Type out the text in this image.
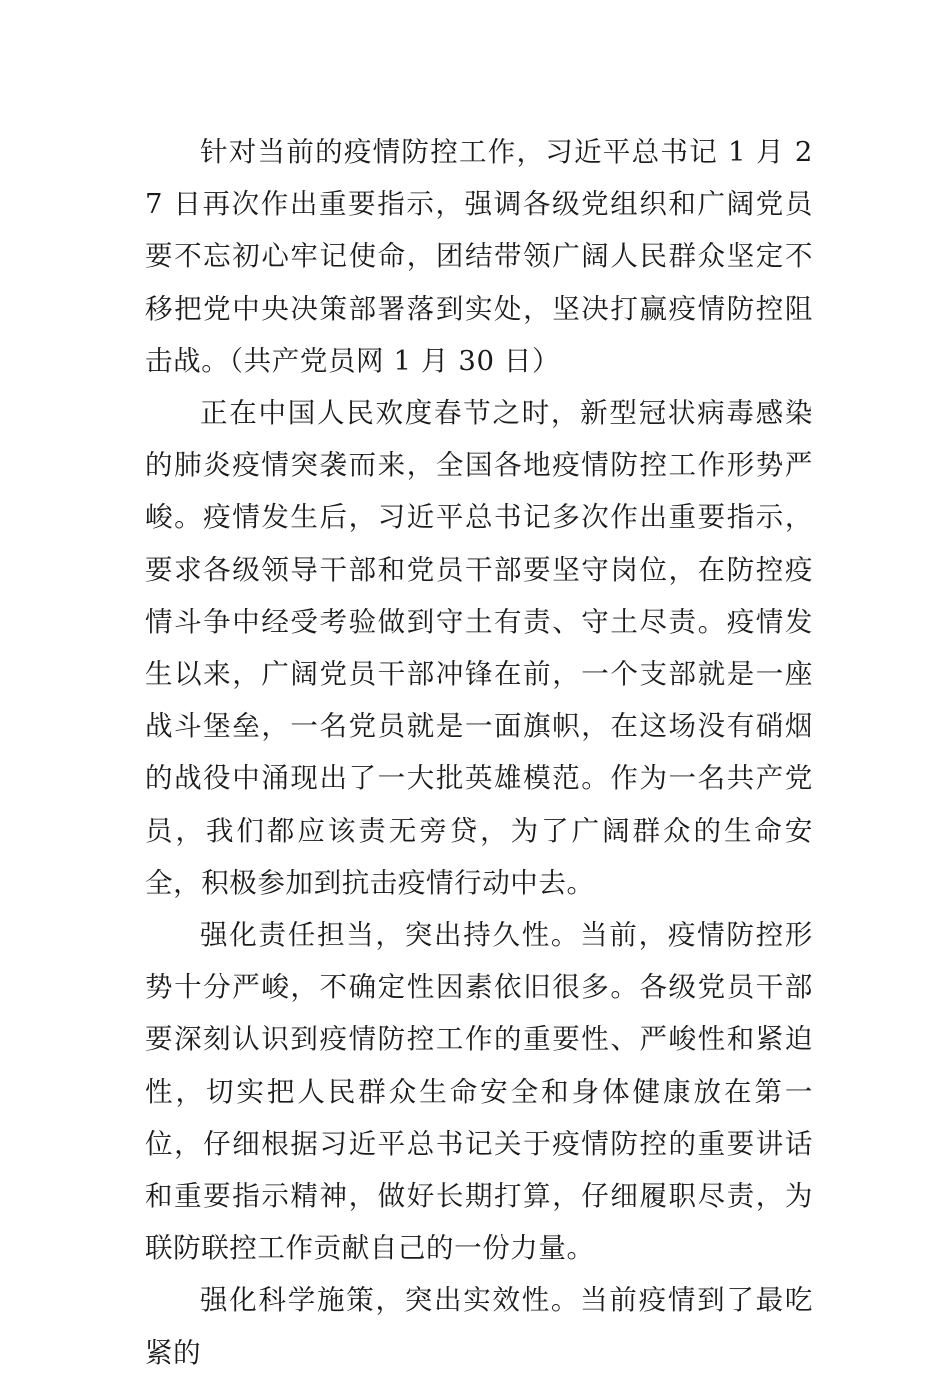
针对当前的疫情防控工作，习近平总书记 1 月 27 日再次作出重要指示，强调各级党组织和广阔党员要不忘初心牢记使命，团结带领广阔人民群众坚定不移把党中央决策部署落到实处，坚决打赢疫情防控阻击战。（共产党员网 1 月 30 日）

正在中国人民欢度春节之时，新型冠状病毒感染的肺炎疫情突袭而来，全国各地疫情防控工作形势严峻。疫情发生后，习近平总书记多次作出重要指示，要求各级领导干部和党员干部要坚守岗位，在防控疫情斗争中经受考验做到守土有责、守土尽责。疫情发生以来，广阔党员干部冲锋在前，一个支部就是一座战斗堡垒，一名党员就是一面旗帜，在这场没有硝烟的战役中涌现出了一大批英雄模范。作为一名共产党员，我们都应该责无旁贷，为了广阔群众的生命安全，积极参加到抗击疫情行动中去。

强化责任担当，突出持久性。当前，疫情防控形势十分严峻，不确定性因素依旧很多。各级党员干部要深刻认识到疫情防控工作的重要性、严峻性和紧迫性，切实把人民群众生命安全和身体健康放在第一位，仔细根据习近平总书记关于疫情防控的重要讲话和重要指示精神，做好长期打算，仔细履职尽责，为联防联控工作贡献自己的一份力量。

强化科学施策，突出实效性。当前疫情到了最吃紧的
